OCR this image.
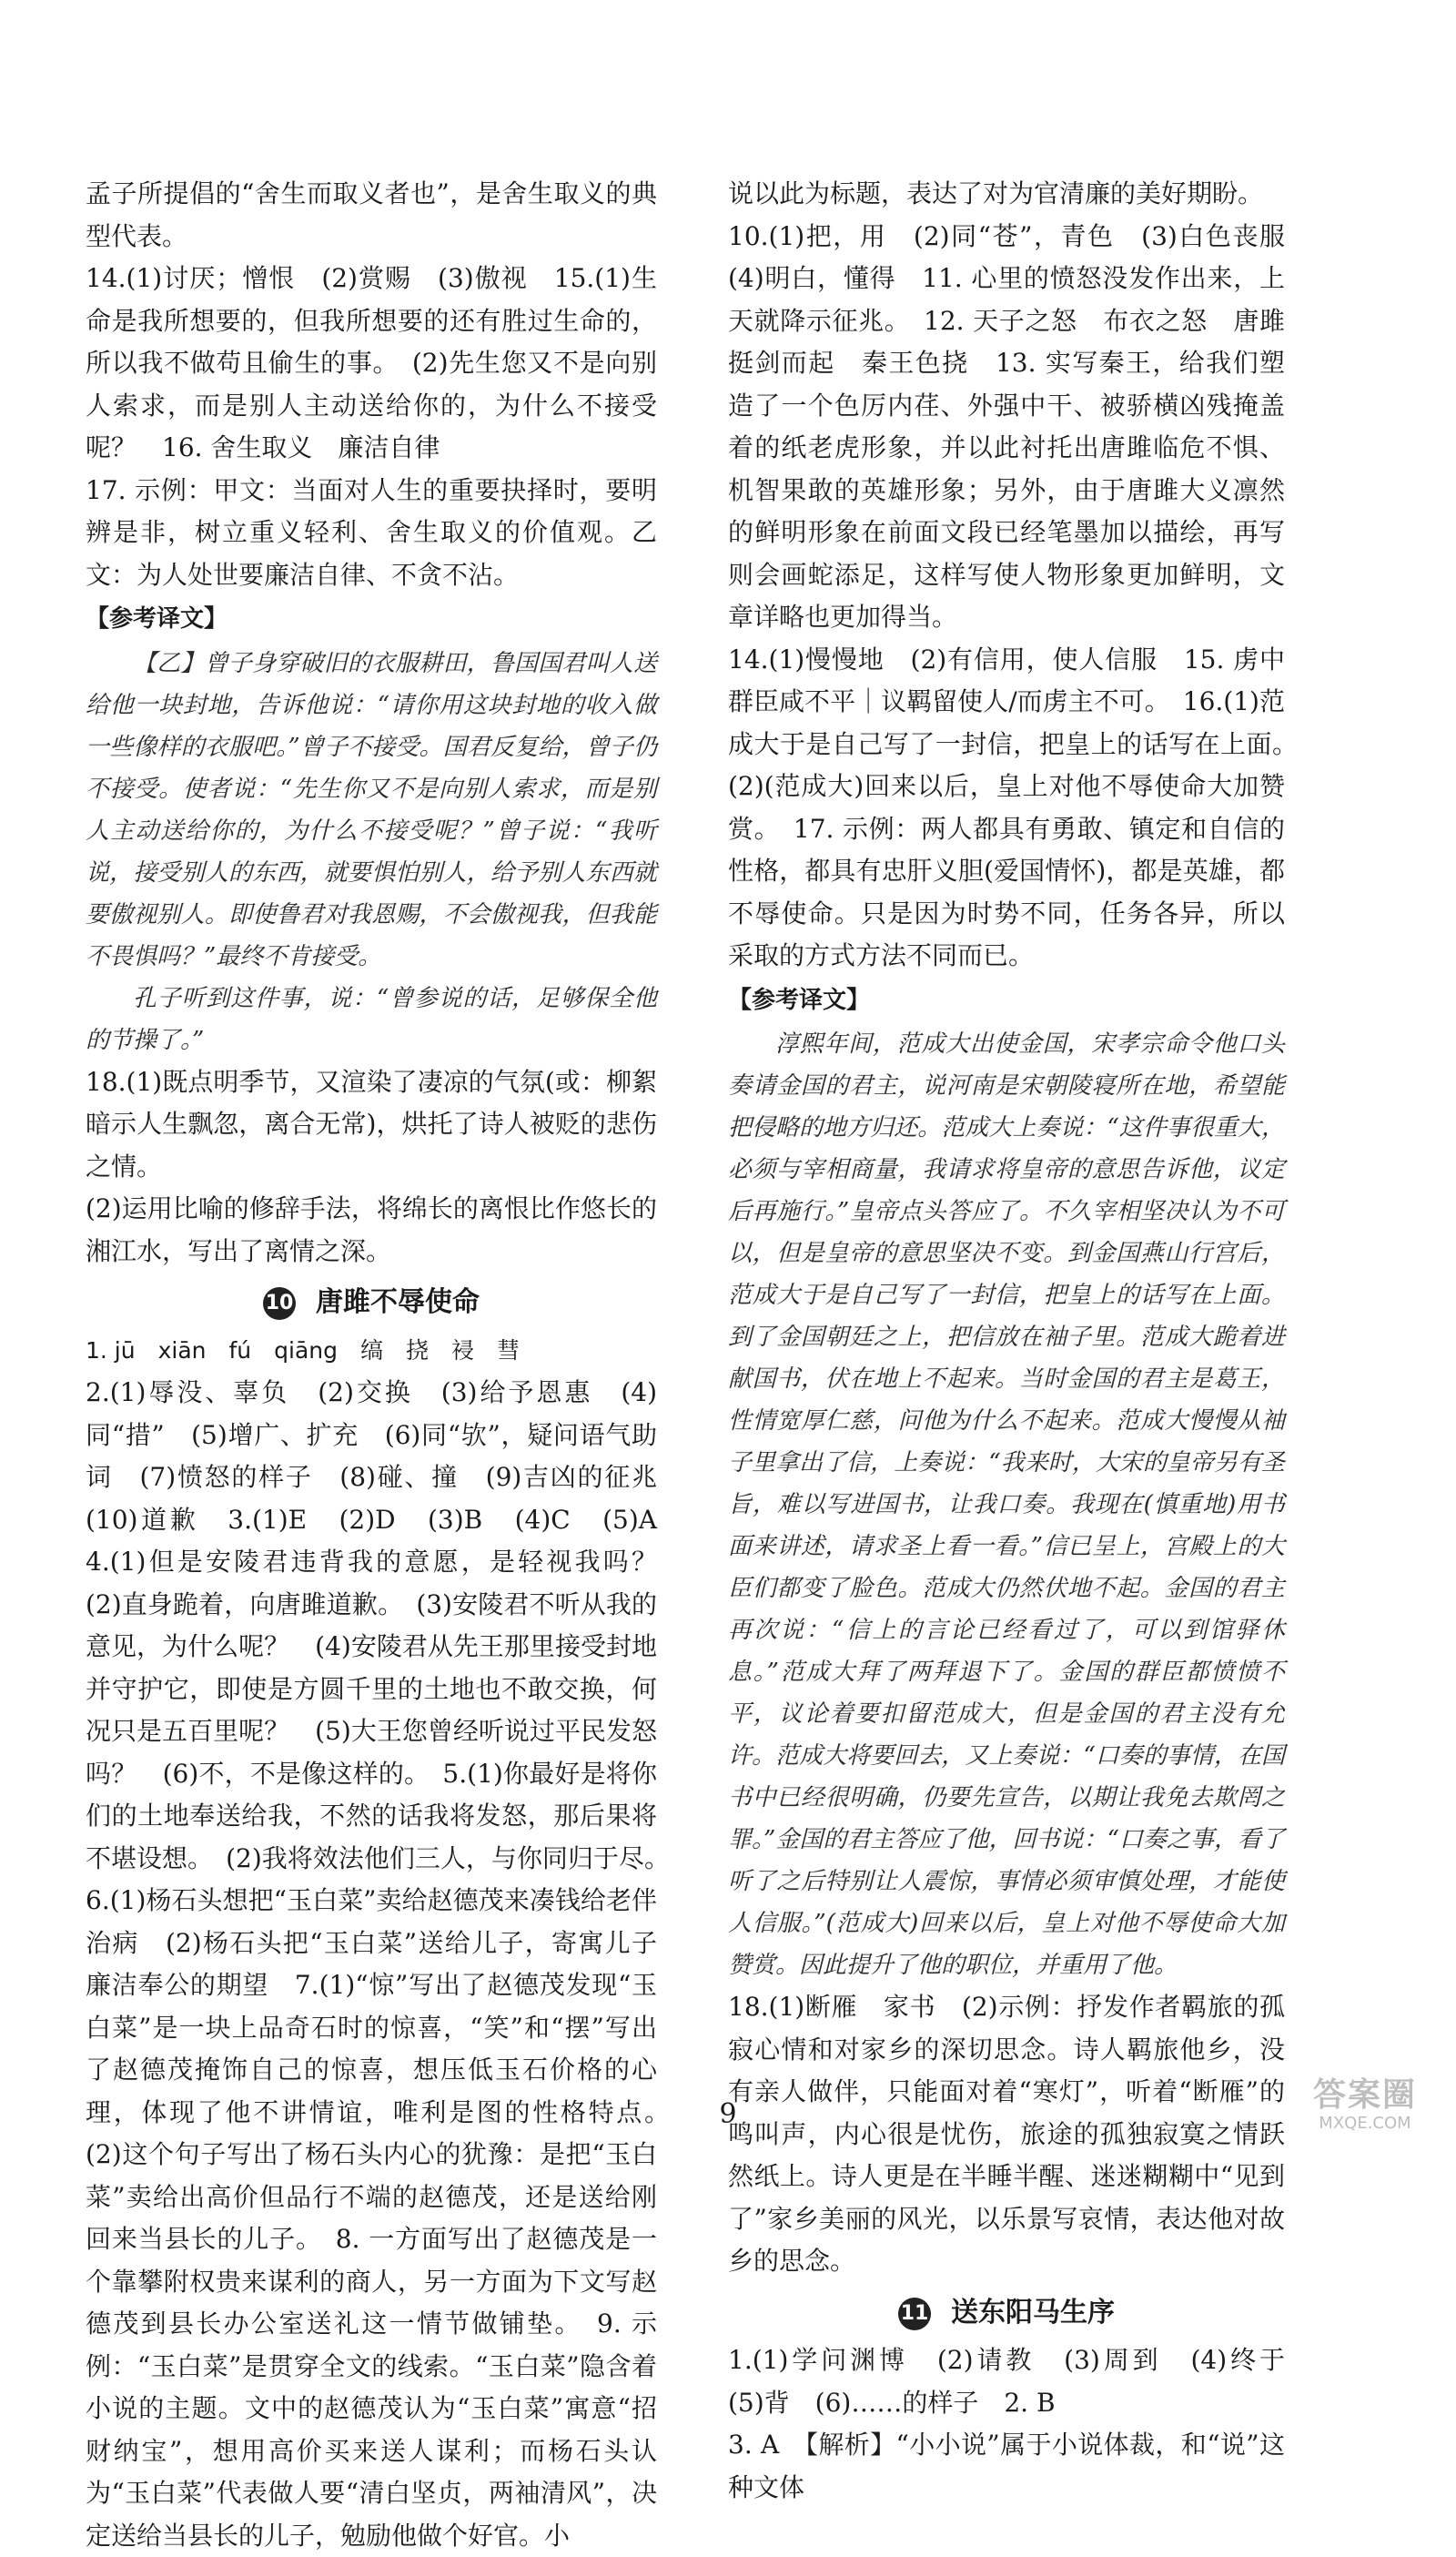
孟子所提倡的“舍生而取义者也”，是舍生取义的典型代表。

14.(1)讨厌；憎恨　(2)赏赐　(3)傲视　15.(1)生命是我所想要的，但我所想要的还有胜过生命的，所以我不做苟且偷生的事。　(2)先生您又不是向别人索求，而是别人主动送给你的，为什么不接受呢？　16. 舍生取义　廉洁自律

17. 示例：甲文：当面对人生的重要抉择时，要明辨是非，树立重义轻利、舍生取义的价值观。乙文：为人处世要廉洁自律、不贪不沾。

【参考译文】

【乙】曾子身穿破旧的衣服耕田，鲁国国君叫人送给他一块封地，告诉他说：“请你用这块封地的收入做一些像样的衣服吧。”曾子不接受。国君反复给，曾子仍不接受。使者说：“先生你又不是向别人索求，而是别人主动送给你的，为什么不接受呢？”曾子说：“我听说，接受别人的东西，就要惧怕别人，给予别人东西就要傲视别人。即使鲁君对我恩赐，不会傲视我，但我能不畏惧吗？”最终不肯接受。

孔子听到这件事，说：“曾参说的话，足够保全他的节操了。”

18.(1)既点明季节，又渲染了凄凉的气氛(或：柳絮暗示人生飘忽，离合无常)，烘托了诗人被贬的悲伤之情。

(2)运用比喻的修辞手法，将绵长的离恨比作悠长的湘江水，写出了离情之深。

10 唐雎不辱使命

1. jū　xiān　fú　qiāng　缟　挠　祲　彗

2.(1)辱没、辜负　(2)交换　(3)给予恩惠　(4)同“措”　(5)增广、扩充　(6)同“欤”，疑问语气助词　(7)愤怒的样子　(8)碰、撞　(9)吉凶的征兆　(10)道歉　3.(1)E　(2)D　(3)B　(4)C　(5)A　4.(1)但是安陵君违背我的意愿，是轻视我吗？　(2)直身跪着，向唐雎道歉。　(3)安陵君不听从我的意见，为什么呢？　(4)安陵君从先王那里接受封地并守护它，即使是方圆千里的土地也不敢交换，何况只是五百里呢？　(5)大王您曾经听说过平民发怒吗？　(6)不，不是像这样的。　5.(1)你最好是将你们的土地奉送给我，不然的话我将发怒，那后果将不堪设想。　(2)我将效法他们三人，与你同归于尽。　6.(1)杨石头想把“玉白菜”卖给赵德茂来凑钱给老伴治病　(2)杨石头把“玉白菜”送给儿子，寄寓儿子廉洁奉公的期望　7.(1)“惊”写出了赵德茂发现“玉白菜”是一块上品奇石时的惊喜，“笑”和“摆”写出了赵德茂掩饰自己的惊喜，想压低玉石价格的心理，体现了他不讲情谊，唯利是图的性格特点。　(2)这个句子写出了杨石头内心的犹豫：是把“玉白菜”卖给出高价但品行不端的赵德茂，还是送给刚回来当县长的儿子。　8. 一方面写出了赵德茂是一个靠攀附权贵来谋利的商人，另一方面为下文写赵德茂到县长办公室送礼这一情节做铺垫。　9. 示例：“玉白菜”是贯穿全文的线索。“玉白菜”隐含着小说的主题。文中的赵德茂认为“玉白菜”寓意“招财纳宝”，想用高价买来送人谋利；而杨石头认为“玉白菜”代表做人要“清白坚贞，两袖清风”，决定送给当县长的儿子，勉励他做个好官。小

说以此为标题，表达了对为官清廉的美好期盼。

10.(1)把，用　(2)同“苍”，青色　(3)白色丧服　(4)明白，懂得　11. 心里的愤怒没发作出来，上天就降示征兆。　12. 天子之怒　布衣之怒　唐雎挺剑而起　秦王色挠　13. 实写秦王，给我们塑造了一个色厉内荏、外强中干、被骄横凶残掩盖着的纸老虎形象，并以此衬托出唐雎临危不惧、机智果敢的英雄形象；另外，由于唐雎大义凛然的鲜明形象在前面文段已经笔墨加以描绘，再写则会画蛇添足，这样写使人物形象更加鲜明，文章详略也更加得当。

14.(1)慢慢地　(2)有信用，使人信服　15. 虏中群臣咸不平｜议羁留使人/而虏主不可。　16.(1)范成大于是自己写了一封信，把皇上的话写在上面。　(2)(范成大)回来以后，皇上对他不辱使命大加赞赏。　17. 示例：两人都具有勇敢、镇定和自信的性格，都具有忠肝义胆(爱国情怀)，都是英雄，都不辱使命。只是因为时势不同，任务各异，所以采取的方式方法不同而已。

【参考译文】

淳熙年间，范成大出使金国，宋孝宗命令他口头奏请金国的君主，说河南是宋朝陵寝所在地，希望能把侵略的地方归还。范成大上奏说：“这件事很重大，必须与宰相商量，我请求将皇帝的意思告诉他，议定后再施行。”皇帝点头答应了。不久宰相坚决认为不可以，但是皇帝的意思坚决不变。到金国燕山行宫后，范成大于是自己写了一封信，把皇上的话写在上面。到了金国朝廷之上，把信放在袖子里。范成大跪着进献国书，伏在地上不起来。当时金国的君主是葛王，性情宽厚仁慈，问他为什么不起来。范成大慢慢从袖子里拿出了信，上奏说：“我来时，大宋的皇帝另有圣旨，难以写进国书，让我口奏。我现在(慎重地)用书面来讲述，请求圣上看一看。”信已呈上，宫殿上的大臣们都变了脸色。范成大仍然伏地不起。金国的君主再次说：“信上的言论已经看过了，可以到馆驿休息。”范成大拜了两拜退下了。金国的群臣都愤愤不平，议论着要扣留范成大，但是金国的君主没有允许。范成大将要回去，又上奏说：“口奏的事情，在国书中已经很明确，仍要先宣告，以期让我免去欺罔之罪。”金国的君主答应了他，回书说：“口奏之事，看了听了之后特别让人震惊，事情必须审慎处理，才能使人信服。”(范成大)回来以后，皇上对他不辱使命大加赞赏。因此提升了他的职位，并重用了他。

18.(1)断雁　家书　(2)示例：抒发作者羁旅的孤寂心情和对家乡的深切思念。诗人羁旅他乡，没有亲人做伴，只能面对着“寒灯”，听着“断雁”的鸣叫声，内心很是忧伤，旅途的孤独寂寞之情跃然纸上。诗人更是在半睡半醒、迷迷糊糊中“见到了”家乡美丽的风光，以乐景写哀情，表达他对故乡的思念。

11 送东阳马生序

1.(1)学问渊博　(2)请教　(3)周到　(4)终于　(5)背　(6)……的样子　2. B

3. A　【解析】“小小说”属于小说体裁，和“说”这种文体

9
答案圈
MXQE.COM
